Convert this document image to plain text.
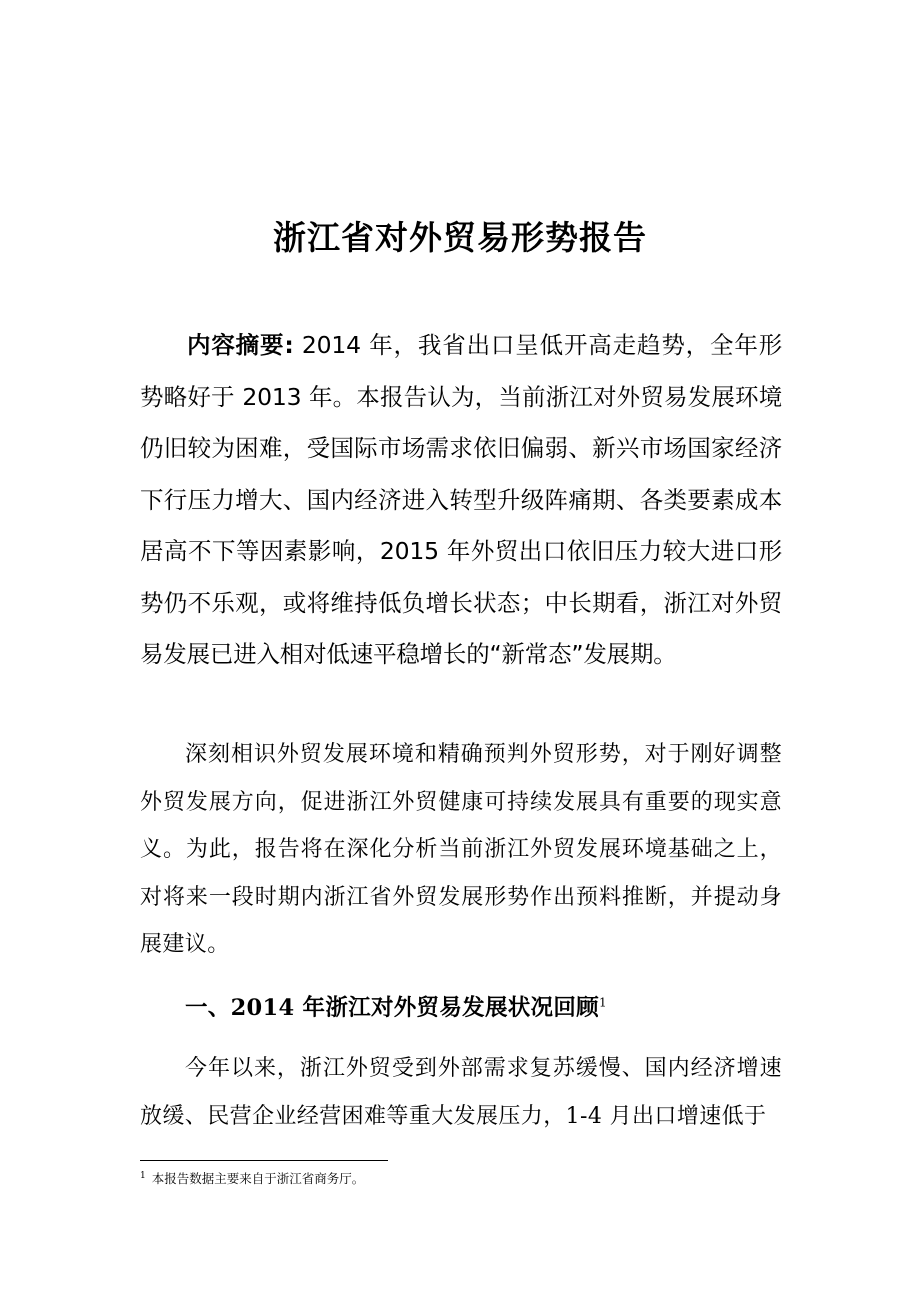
浙江省对外贸易形势报告
内容摘要: 2014 年，我省出口呈低开高走趋势，全年形势略好于 2013 年。本报告认为，当前浙江对外贸易发展环境仍旧较为困难，受国际市场需求依旧偏弱、新兴市场国家经济下行压力增大、国内经济进入转型升级阵痛期、各类要素成本居高不下等因素影响，2015 年外贸出口依旧压力较大进口形势仍不乐观，或将维持低负增长状态；中长期看，浙江对外贸易发展已进入相对低速平稳增长的“新常态”发展期。
深刻相识外贸发展环境和精确预判外贸形势，对于刚好调整外贸发展方向，促进浙江外贸健康可持续发展具有重要的现实意义。为此，报告将在深化分析当前浙江外贸发展环境基础之上，对将来一段时期内浙江省外贸发展形势作出预料推断，并提动身展建议。
一、2014 年浙江对外贸易发展状况回顾$^1$
今年以来，浙江外贸受到外部需求复苏缓慢、国内经济增速放缓、民营企业经营困难等重大发展压力，1-4 月出口增速低于
$^1$ 本报告数据主要来自于浙江省商务厅。
